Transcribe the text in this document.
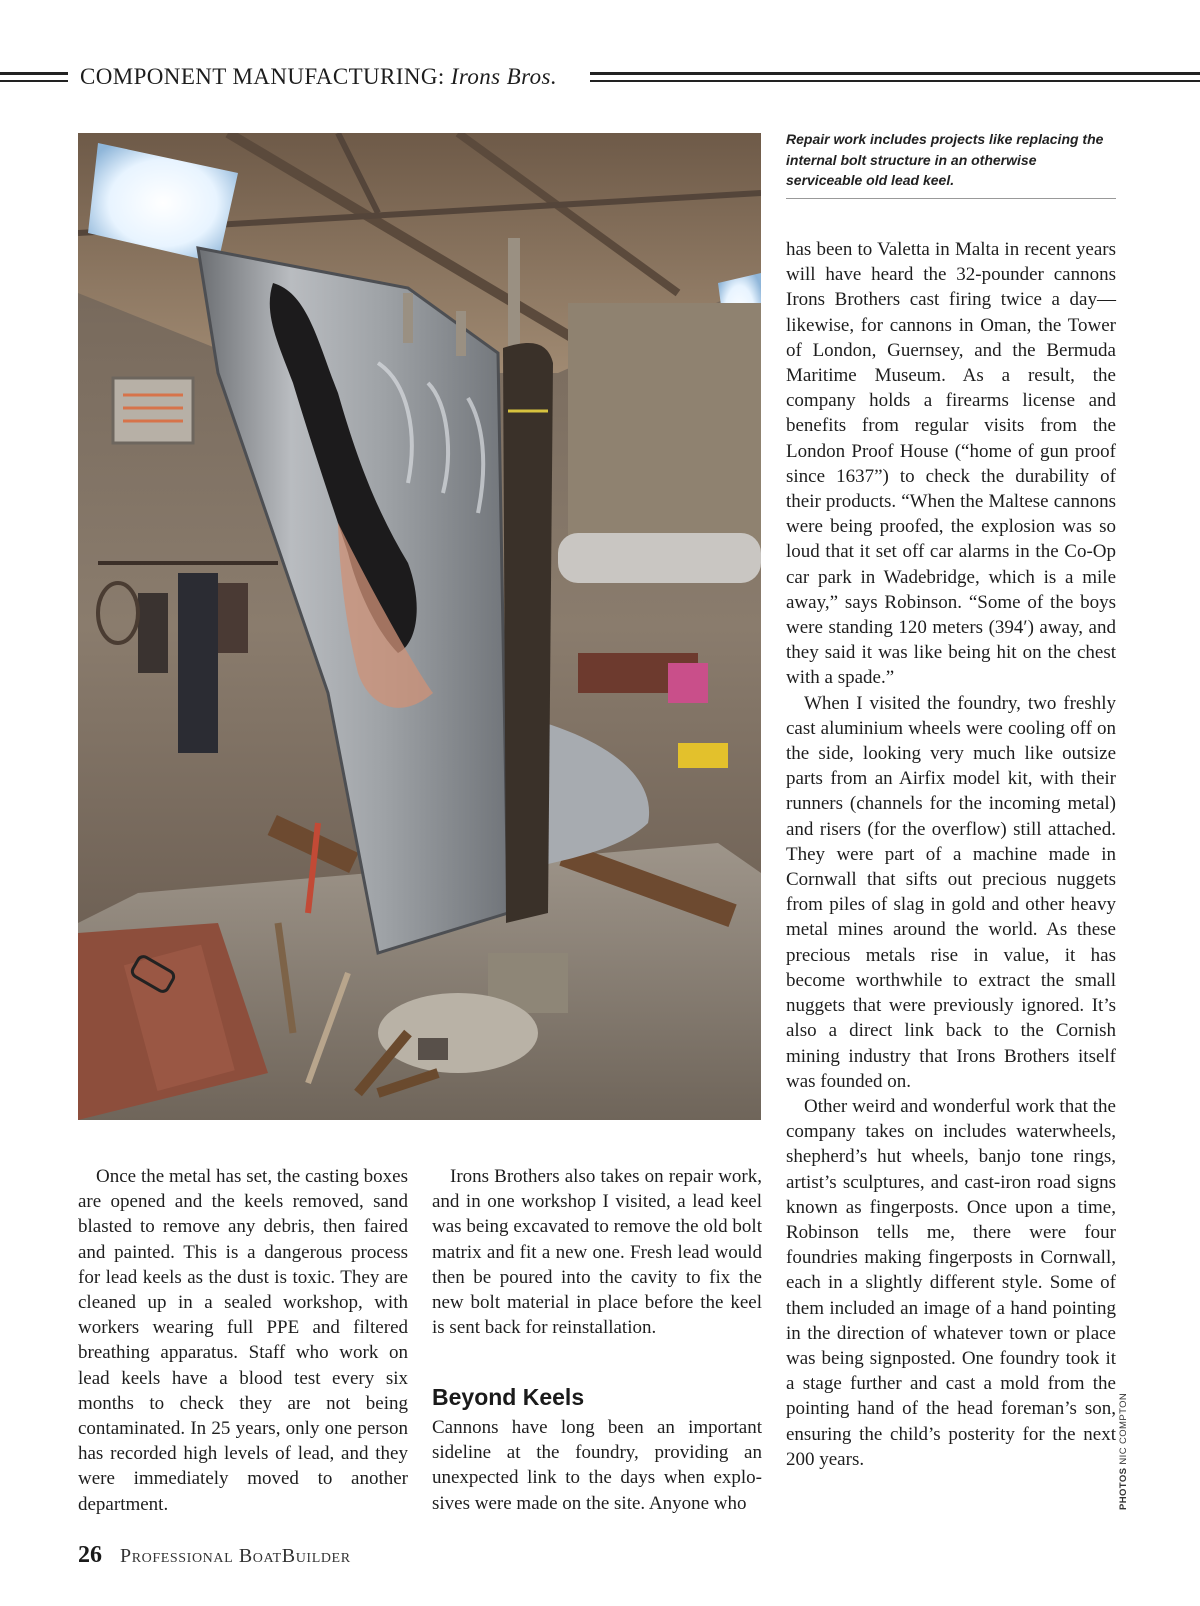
COMPONENT MANUFACTURING: Irons Bros.
Repair work includes projects like replacing the internal bolt structure in an otherwise serviceable old lead keel.

Once the metal has set, the casting boxes are opened and the keels removed, sand blasted to remove any debris, then faired and painted. This is a dangerous process for lead keels as the dust is toxic. They are cleaned up in a sealed workshop, with workers wearing full PPE and filtered breathing apparatus. Staff who work on lead keels have a blood test every six months to check they are not being contaminated. In 25 years, only one person has recorded high levels of lead, and they were immediately moved to another department.

Irons Brothers also takes on repair work, and in one workshop I visited, a lead keel was being excavated to remove the old bolt matrix and fit a new one. Fresh lead would then be poured into the cavity to fix the new bolt material in place before the keel is sent back for reinstallation.

Beyond Keels

Cannons have long been an important sideline at the foundry, providing an unexpected link to the days when explosives were made on the site. Anyone who

has been to Valetta in Malta in recent years will have heard the 32-pounder cannons Irons Brothers cast firing twice a day—likewise, for cannons in Oman, the Tower of London, Guernsey, and the Bermuda Maritime Museum. As a result, the company holds a firearms license and benefits from regular visits from the London Proof House (“home of gun proof since 1637”) to check the durability of their products. “When the Maltese cannons were being proofed, the explosion was so loud that it set off car alarms in the Co-Op car park in Wadebridge, which is a mile away,” says Robinson. “Some of the boys were standing 120 meters (394′) away, and they said it was like being hit on the chest with a spade.”

When I visited the foundry, two freshly cast aluminium wheels were cooling off on the side, looking very much like outsize parts from an Airfix model kit, with their runners (channels for the incoming metal) and risers (for the overflow) still attached. They were part of a machine made in Cornwall that sifts out precious nuggets from piles of slag in gold and other heavy metal mines around the world. As these precious metals rise in value, it has become worthwhile to extract the small nuggets that were previously ignored. It’s also a direct link back to the Cornish mining industry that Irons Brothers itself was founded on.

Other weird and wonderful work that the company takes on includes waterwheels, shepherd’s hut wheels, banjo tone rings, artist’s sculptures, and cast-iron road signs known as fingerposts. Once upon a time, Robinson tells me, there were four foundries making fingerposts in Cornwall, each in a slightly different style. Some of them included an image of a hand pointing in the direction of whatever town or place was being signposted. One foundry took it a stage further and cast a mold from the pointing hand of the head foreman’s son, ensuring the child’s posterity for the next 200 years.

PHOTOS NIC COMPTON
26 Professional BoatBuilder
